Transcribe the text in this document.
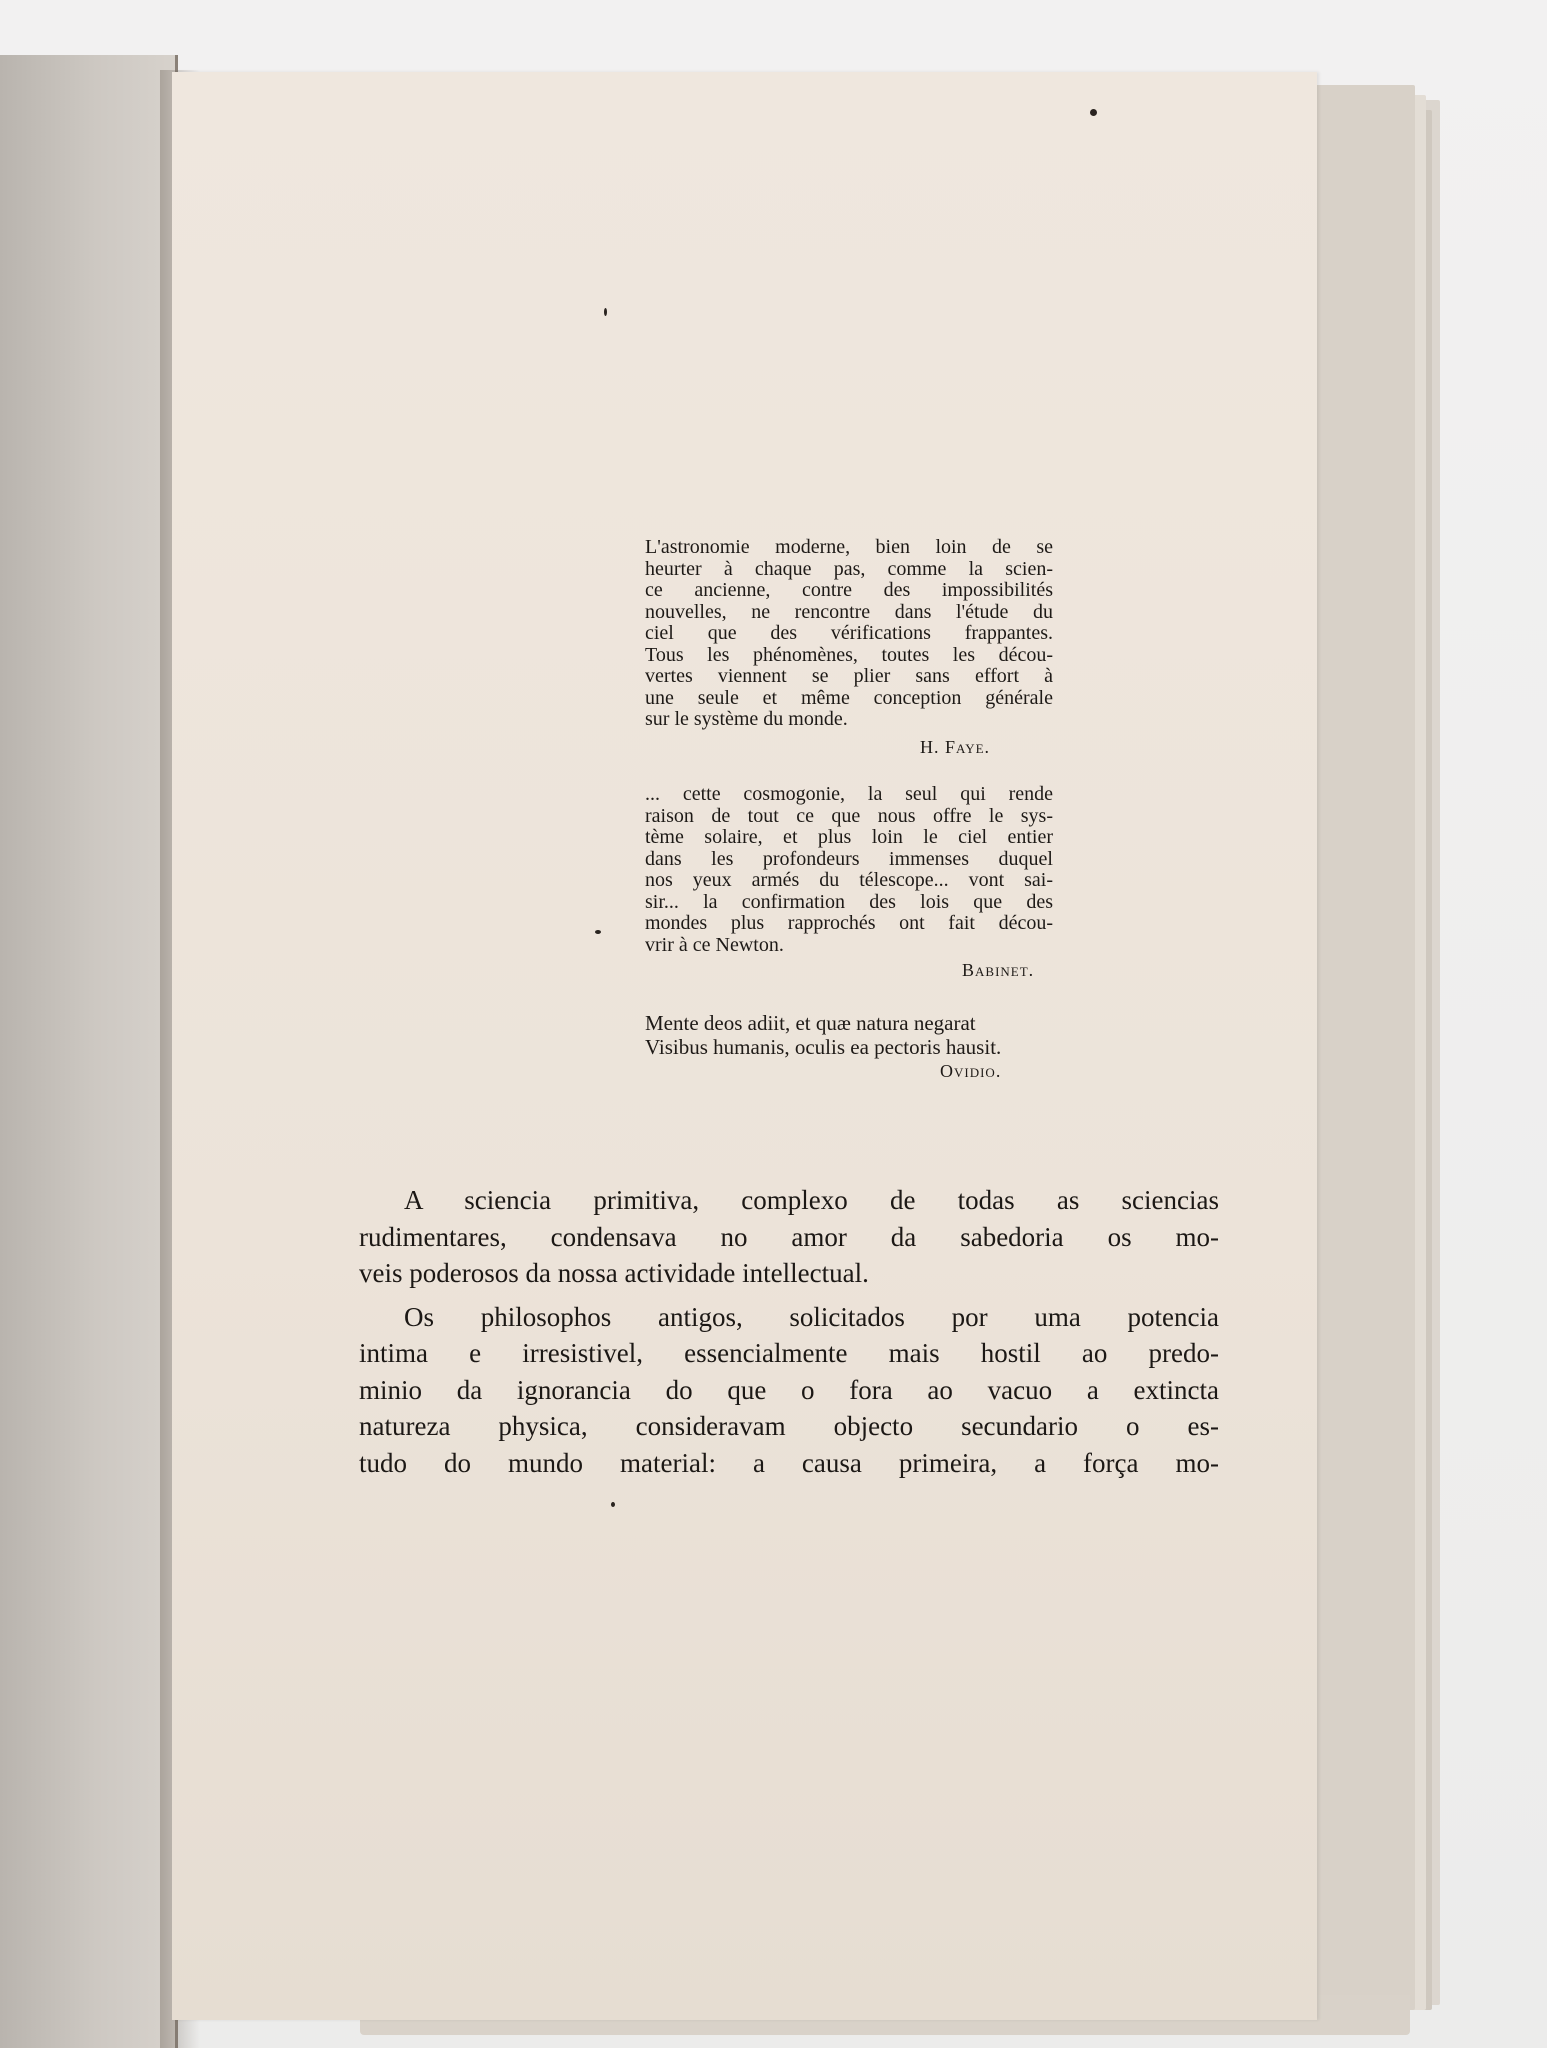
L'astronomie moderne, bien loin de se
heurter à chaque pas, comme la scien-
ce ancienne, contre des impossibilités
nouvelles, ne rencontre dans l'étude du
ciel que des vérifications frappantes.
Tous les phénomènes, toutes les décou-
vertes viennent se plier sans effort à
une seule et même conception générale
sur le système du monde.
H. Faye.
... cette cosmogonie, la seul qui rende
raison de tout ce que nous offre le sys-
tème solaire, et plus loin le ciel entier
dans les profondeurs immenses duquel
nos yeux armés du télescope... vont sai-
sir... la confirmation des lois que des
mondes plus rapprochés ont fait décou-
vrir à ce Newton.
Babinet.
Mente deos adiit, et quæ natura negarat
Visibus humanis, oculis ea pectoris hausit.
Ovidio.
A sciencia primitiva, complexo de todas as sciencias
rudimentares, condensava no amor da sabedoria os mo-
veis poderosos da nossa actividade intellectual.
Os philosophos antigos, solicitados por uma potencia
intima e irresistivel, essencialmente mais hostil ao predo-
minio da ignorancia do que o fora ao vacuo a extincta
natureza physica, consideravam objecto secundario o es-
tudo do mundo material: a causa primeira, a força mo-
